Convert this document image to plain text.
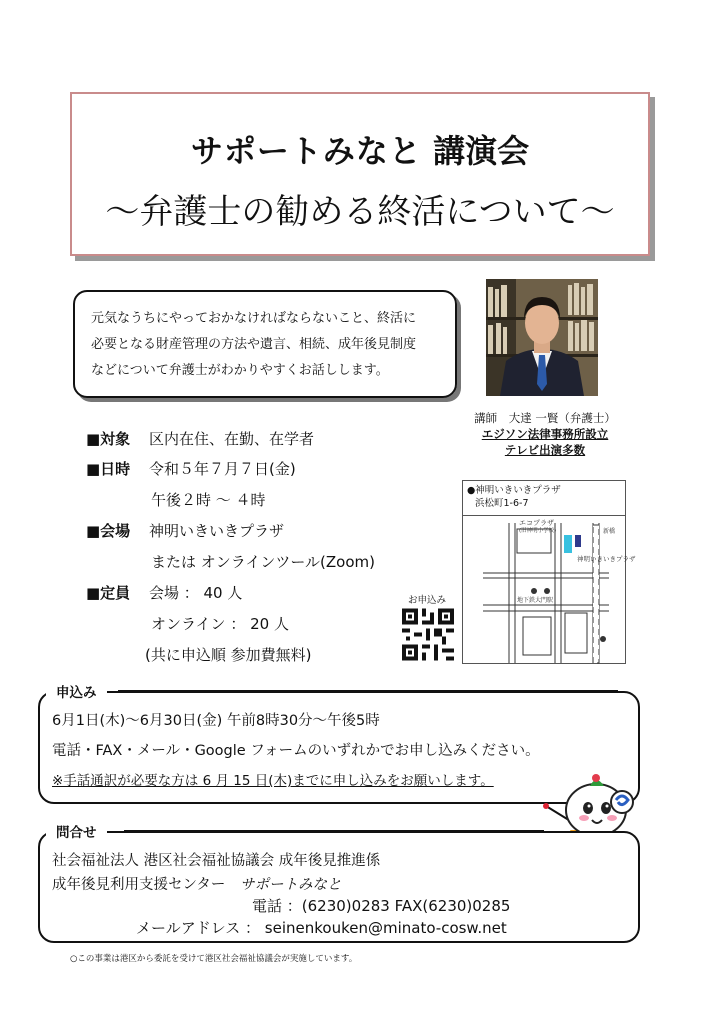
サポートみなと 講演会
～弁護士の勧める終活について～
元気なうちにやっておかなければならないこと、終活に
必要となる財産管理の方法や遺言、相続、成年後見制度
などについて弁護士がわかりやすくお話しします。
講師 大達 一賢（弁護士）
エジソン法律事務所設立
テレビ出演多数
■対象 区内在住、在勤、在学者
■日時 令和５年７月７日(金)
午後２時 ～ ４時
■会場 神明いきいきプラザ
または オンラインツール(Zoom)
■定員 会場 ： 40 人
オンライン ： 20 人
(共に申込順 参加費無料)
●神明いきいきプラザ
浜松町1-6-7
エコプラザ
(旧神明小学校)
神明いきいきプラザ
新橋
地下鉄大門駅
お申込み
6月1日(木)～6月30日(金) 午前8時30分～午後5時
電話・FAX・メール・Google フォームのいずれかでお申し込みください。
※手話通訳が必要な方は 6 月 15 日(木)までに申し込みをお願いします。
申込み
社会福祉法人 港区社会福祉協議会 成年後見推進係
成年後見利用支援センター サポートみなと
電話 ：(6230)0283 FAX(6230)0285
メールアドレス ： seinenkouken@minato-cosw.net
問合せ
○この事業は港区から委託を受けて港区社会福祉協議会が実施しています。
